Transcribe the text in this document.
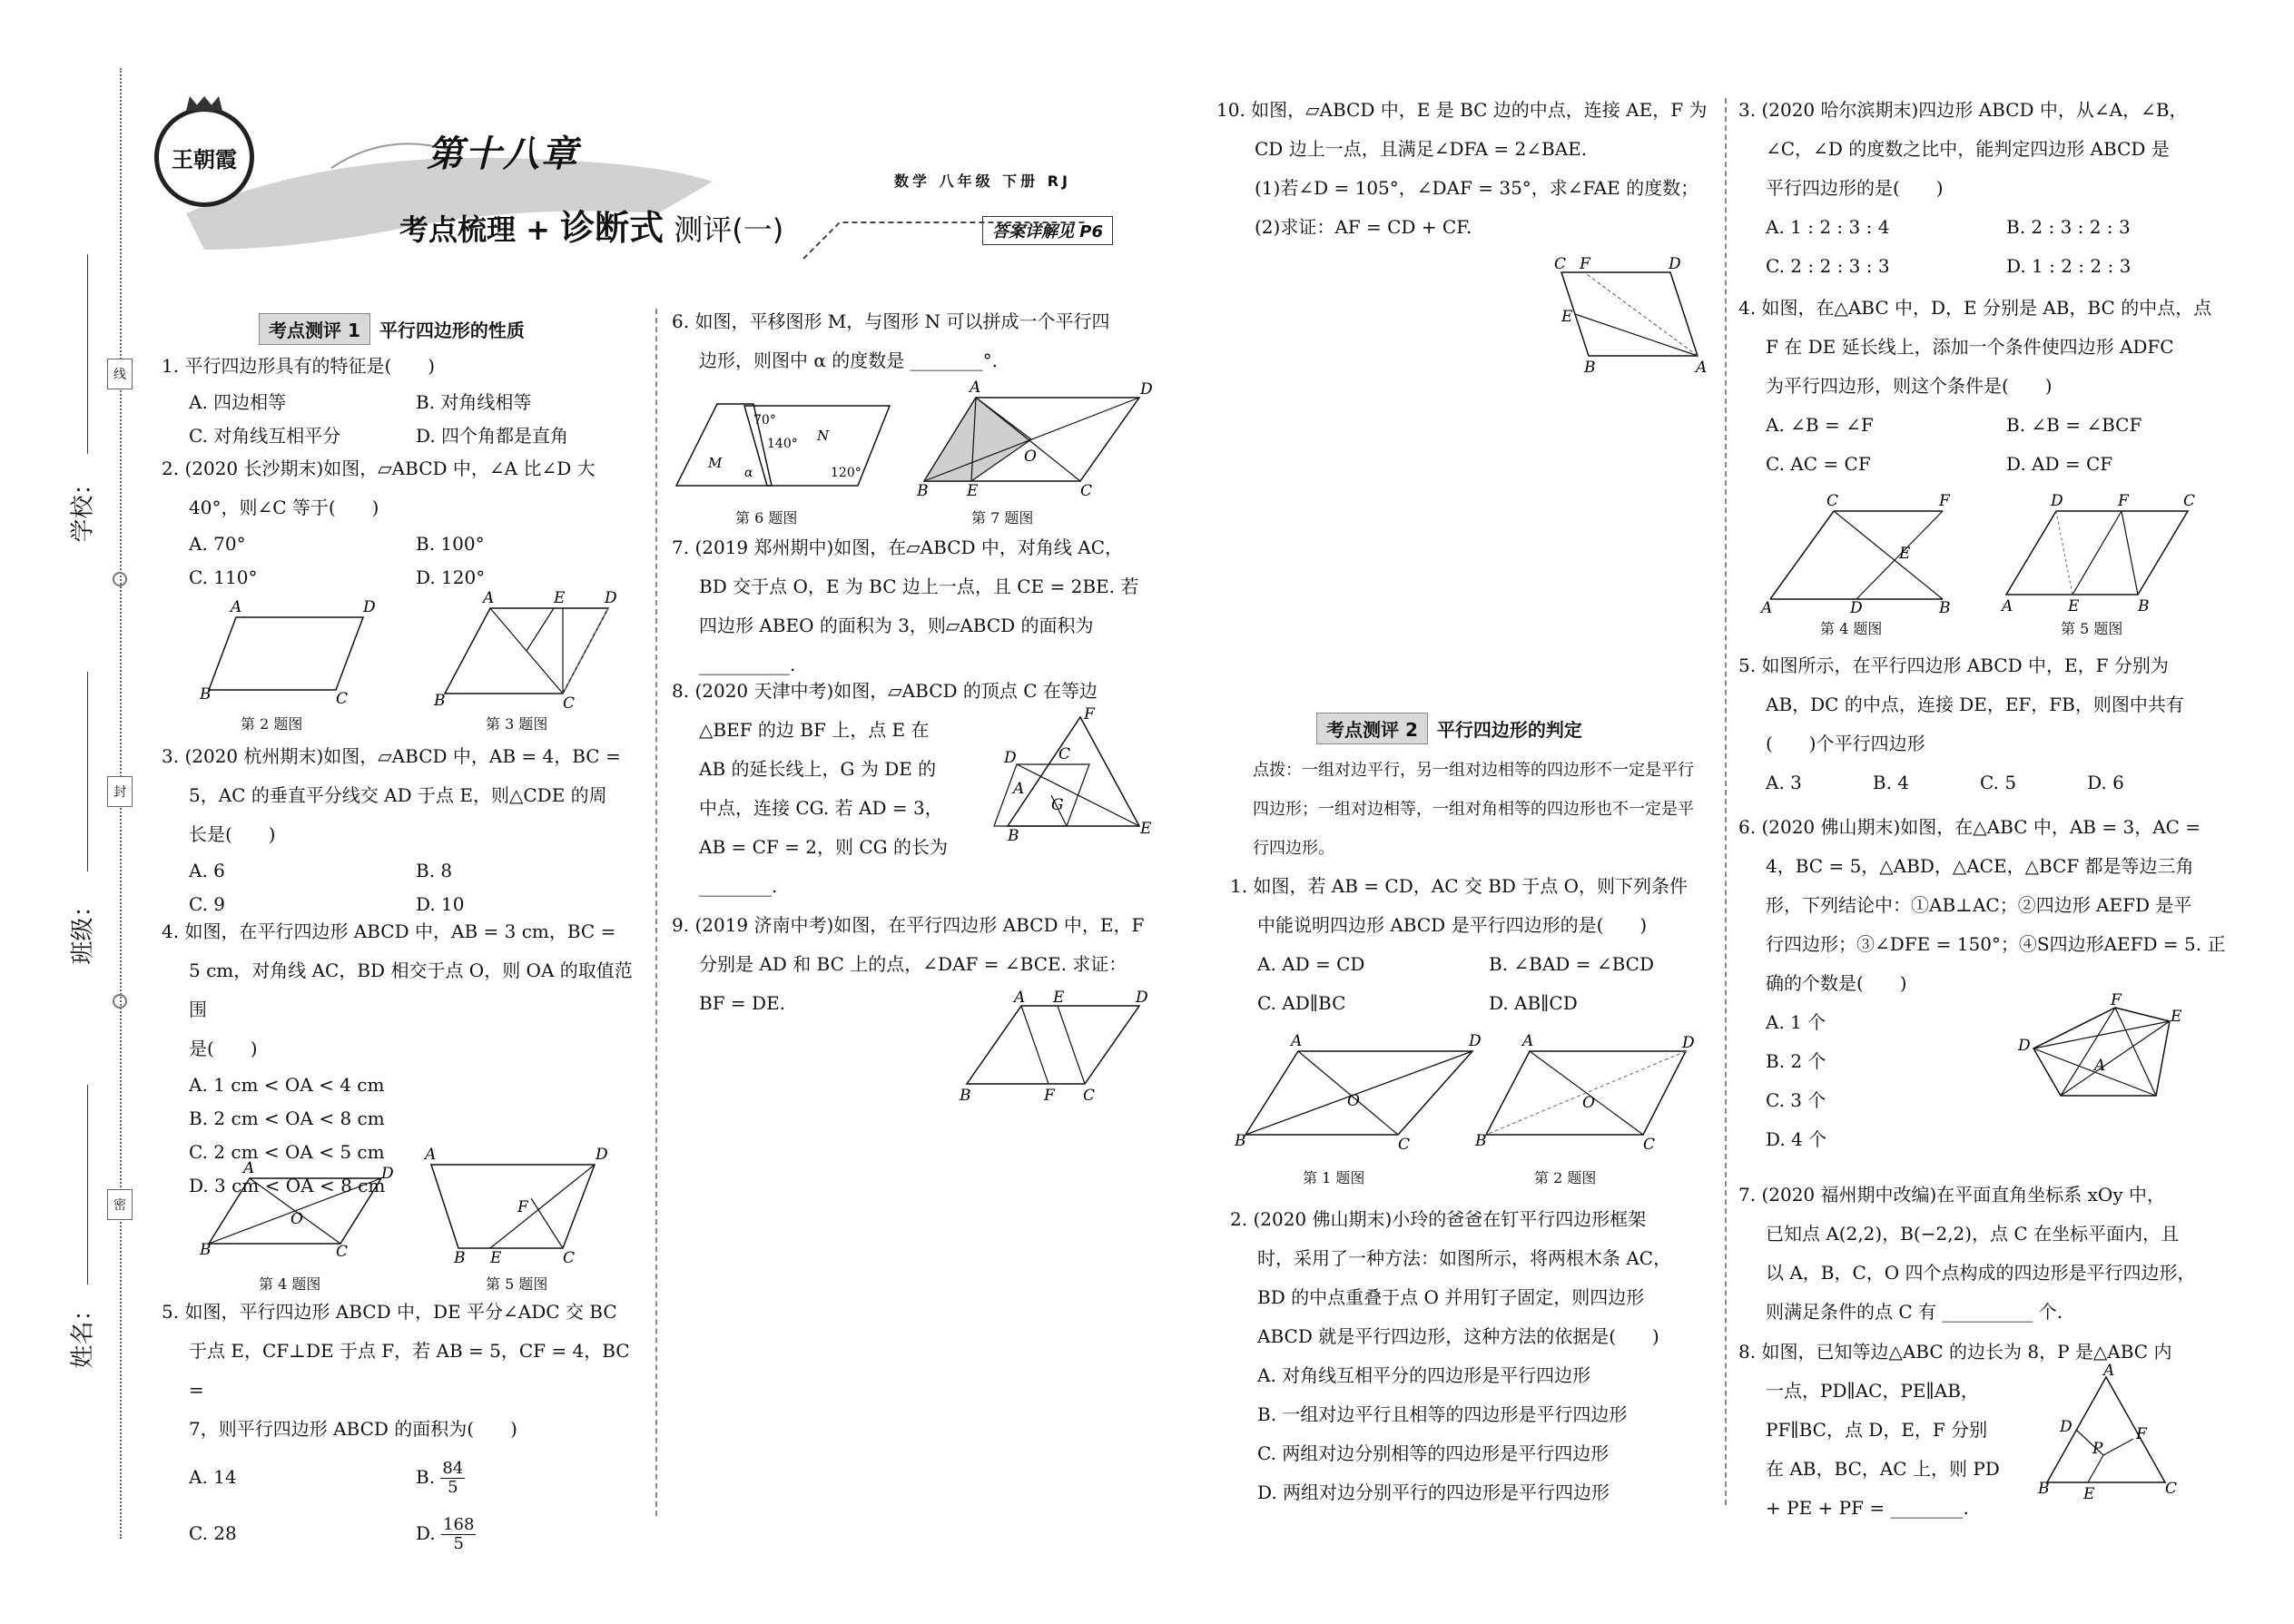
线
封
密
学校：
班级：
姓名：
王朝霞	第十八章
考点梳理 + 诊断式 测评(一)
数学 八年级 下册 RJ
答案详解见 P6
考点测评 1	平行四边形的性质
1. 平行四边形具有的特征是(　　)
A. 四边相等	B. 对角线相等
C. 对角线互相平分	D. 四个角都是直角
2. (2020 长沙期末)如图，▱ABCD 中，∠A 比∠D 大
40°，则∠C 等于(　　)
A. 70°	B. 100°
C. 110°	D. 120°
A	D
B	C
A	E	D
B	C
第 2 题图	第 3 题图
3. (2020 杭州期末)如图，▱ABCD 中，AB = 4，BC =
5，AC 的垂直平分线交 AD 于点 E，则△CDE 的周
长是(　　)
A. 6	B. 8
C. 9	D. 10
4. 如图，在平行四边形 ABCD 中，AB = 3 cm，BC =
5 cm，对角线 AC，BD 相交于点 O，则 OA 的取值范围
是(　　)
A. 1 cm < OA < 4 cm
B. 2 cm < OA < 8 cm
C. 2 cm < OA < 5 cm
D. 3 cm < OA < 8 cm
A	D
B	C
O
A	D
B E	C
F
第 4 题图	第 5 题图
5. 如图，平行四边形 ABCD 中，DE 平分∠ADC 交 BC
于点 E，CF⊥DE 于点 F，若 AB = 5，CF = 4，BC =
7，则平行四边形 ABCD 的面积为(　　)
A. 14	B. $\frac{84}{5}$
C. 28	D. $\frac{168}{5}$
6. 如图，平移图形 M，与图形 N 可以拼成一个平行四
边形，则图中 α 的度数是 ________°.
M
N
70°
140°
120°
α
A	D
B	E	C
O
第 6 题图	第 7 题图
7. (2019 郑州期中)如图，在▱ABCD 中，对角线 AC，
BD 交于点 O，E 为 BC 边上一点，且 CE = 2BE. 若
四边形 ABEO 的面积为 3，则▱ABCD 的面积为
__________.
8. (2020 天津中考)如图，▱ABCD 的顶点 C 在等边
△BEF 的边 BF 上，点 E 在
AB 的延长线上，G 为 DE 的
中点，连接 CG. 若 AD = 3，
AB = CF = 2，则 CG 的长为
________.
F
D	C
A
G
E
B
9. (2019 济南中考)如图，在平行四边形 ABCD 中，E，F
分别是 AD 和 BC 上的点，∠DAF = ∠BCE. 求证：
BF = DE.	A E	D
B	F C
10. 如图，▱ABCD 中，E 是 BC 边的中点，连接 AE，F 为
CD 边上一点，且满足∠DFA = 2∠BAE.
(1)若∠D = 105°，∠DAF = 35°，求∠FAE 的度数；
(2)求证：AF = CD + CF.
C F	D
E
B	A
考点测评 2	平行四边形的判定
点拨：一组对边平行，另一组对边相等的四边形不一定是平行四边形；一组对边相等，一组对角相等的四边形也不一定是平行四边形。
1. 如图，若 AB = CD，AC 交 BD 于点 O，则下列条件
中能说明四边形 ABCD 是平行四边形的是(　　)
A. AD = CD	B. ∠BAD = ∠BCD
C. AD∥BC	D. AB∥CD
A	D
B	C
O
A	D
B	C
O
第 1 题图	第 2 题图
2. (2020 佛山期末)小玲的爸爸在钉平行四边形框架
时，采用了一种方法：如图所示，将两根木条 AC，
BD 的中点重叠于点 O 并用钉子固定，则四边形
ABCD 就是平行四边形，这种方法的依据是(　　)
A. 对角线互相平分的四边形是平行四边形
B. 一组对边平行且相等的四边形是平行四边形
C. 两组对边分别相等的四边形是平行四边形
D. 两组对边分别平行的四边形是平行四边形
3. (2020 哈尔滨期末)四边形 ABCD 中，从∠A，∠B，
∠C，∠D 的度数之比中，能判定四边形 ABCD 是
平行四边形的是(　　)
A. 1 : 2 : 3 : 4	B. 2 : 3 : 2 : 3
C. 2 : 2 : 3 : 3	D. 1 : 2 : 2 : 3
4. 如图，在△ABC 中，D，E 分别是 AB，BC 的中点，点
F 在 DE 延长线上，添加一个条件使四边形 ADFC
为平行四边形，则这个条件是(　　)
A. ∠B = ∠F	B. ∠B = ∠BCF
C. AC = CF	D. AD = CF
C	F
E
A	D	B
D	F	C
A	E	B
第 4 题图	第 5 题图
5. 如图所示，在平行四边形 ABCD 中，E，F 分别为
AB，DC 的中点，连接 DE，EF，FB，则图中共有
(　　)个平行四边形
A. 3	B. 4	C. 5	D. 6
6. (2020 佛山期末)如图，在△ABC 中，AB = 3，AC =
4，BC = 5，△ABD，△ACE，△BCF 都是等边三角
形，下列结论中：①AB⊥AC；②四边形 AEFD 是平
行四边形；③∠DFE = 150°；④S四边形AEFD = 5. 正
确的个数是(　　)
A. 1 个
B. 2 个
C. 3 个
D. 4 个
F
E
D
A
7. (2020 福州期中改编)在平面直角坐标系 xOy 中，
已知点 A(2,2)，B(−2,2)，点 C 在坐标平面内，且
以 A，B，C，O 四个点构成的四边形是平行四边形，
则满足条件的点 C 有 __________ 个.
8. 如图，已知等边△ABC 的边长为 8，P 是△ABC 内
一点，PD∥AC，PE∥AB，
PF∥BC，点 D，E，F 分别
在 AB，BC，AC 上，则 PD
+ PE + PF = ________.
A
D	F
P
B E	C
